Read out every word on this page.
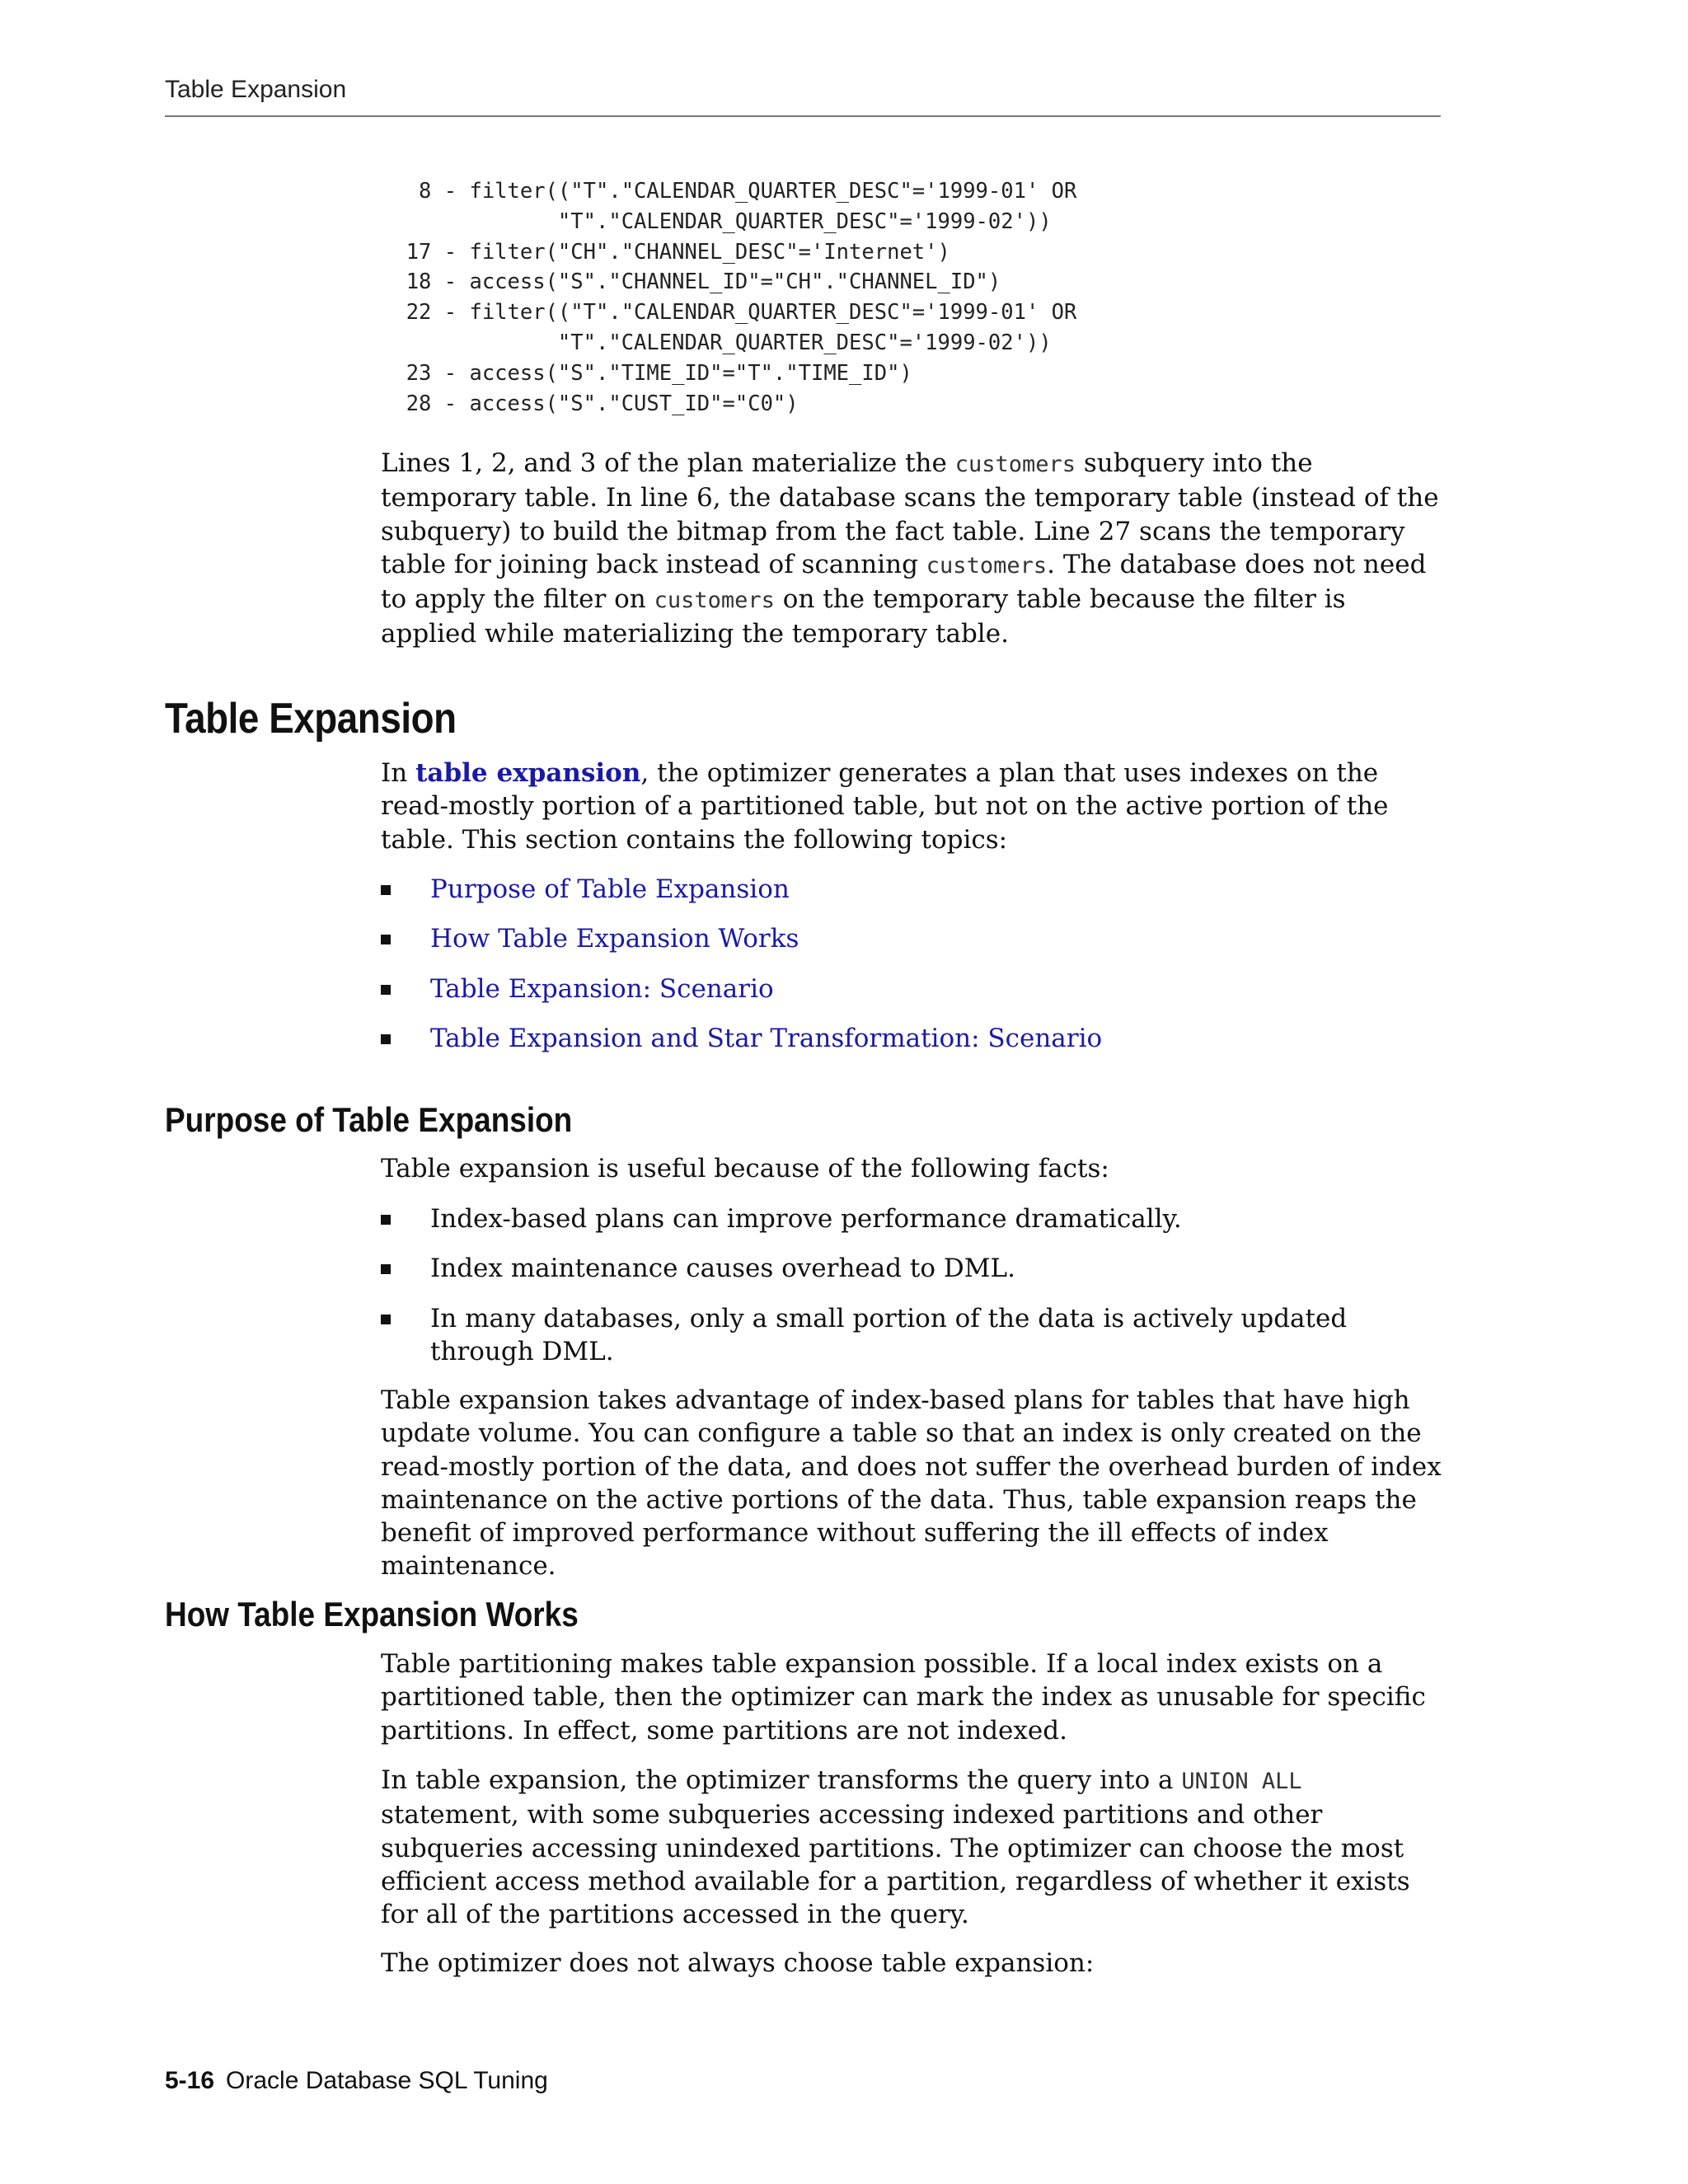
Table Expansion
8 - filter(("T"."CALENDAR_QUARTER_DESC"='1999-01' OR
"T"."CALENDAR_QUARTER_DESC"='1999-02'))
17 - filter("CH"."CHANNEL_DESC"='Internet')
18 - access("S"."CHANNEL_ID"="CH"."CHANNEL_ID")
22 - filter(("T"."CALENDAR_QUARTER_DESC"='1999-01' OR
"T"."CALENDAR_QUARTER_DESC"='1999-02'))
23 - access("S"."TIME_ID"="T"."TIME_ID")
28 - access("S"."CUST_ID"="C0")

Lines 1, 2, and 3 of the plan materialize the customers subquery into the temporary table. In line 6, the database scans the temporary table (instead of the subquery) to build the bitmap from the fact table. Line 27 scans the temporary table for joining back instead of scanning customers. The database does not need to apply the filter on customers on the temporary table because the filter is applied while materializing the temporary table.

Table Expansion

In table expansion, the optimizer generates a plan that uses indexes on the read-mostly portion of a partitioned table, but not on the active portion of the table. This section contains the following topics:

Purpose of Table Expansion
How Table Expansion Works
Table Expansion: Scenario
Table Expansion and Star Transformation: Scenario
Purpose of Table Expansion

Table expansion is useful because of the following facts:

Index-based plans can improve performance dramatically.
Index maintenance causes overhead to DML.
In many databases, only a small portion of the data is actively updated through DML.

Table expansion takes advantage of index-based plans for tables that have high update volume. You can configure a table so that an index is only created on the read-mostly portion of the data, and does not suffer the overhead burden of index maintenance on the active portions of the data. Thus, table expansion reaps the benefit of improved performance without suffering the ill effects of index maintenance.

How Table Expansion Works

Table partitioning makes table expansion possible. If a local index exists on a partitioned table, then the optimizer can mark the index as unusable for specific partitions. In effect, some partitions are not indexed.

In table expansion, the optimizer transforms the query into a UNION ALL statement, with some subqueries accessing indexed partitions and other subqueries accessing unindexed partitions. The optimizer can choose the most efficient access method available for a partition, regardless of whether it exists for all of the partitions accessed in the query.

The optimizer does not always choose table expansion:

5-16 Oracle Database SQL Tuning
